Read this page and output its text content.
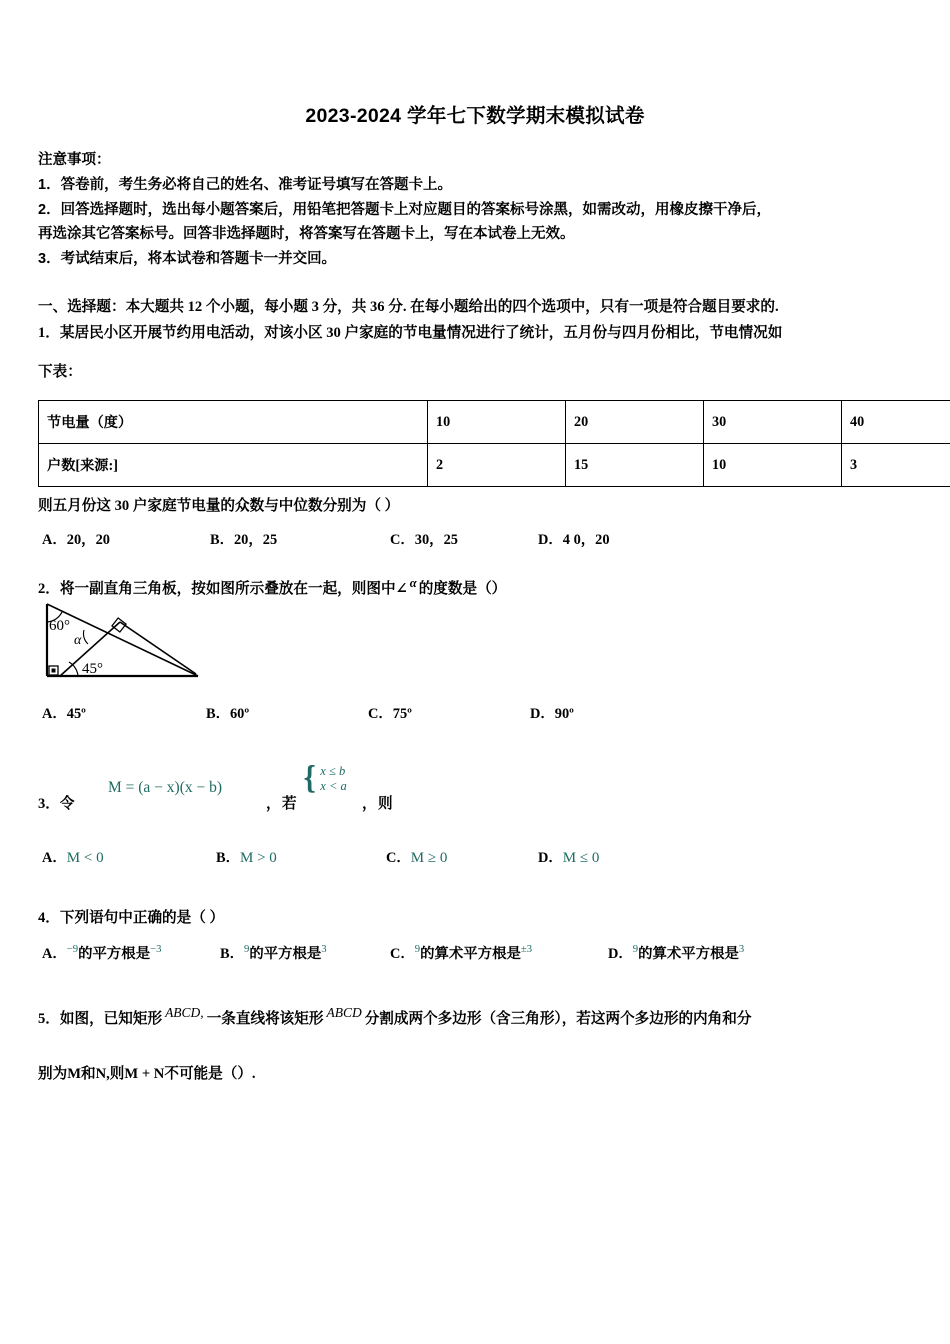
2023-2024 学年七下数学期末模拟试卷
注意事项：
1．答卷前，考生务必将自己的姓名、准考证号填写在答题卡上。
2．回答选择题时，选出每小题答案后，用铅笔把答题卡上对应题目的答案标号涂黑，如需改动，用橡皮擦干净后，
再选涂其它答案标号。回答非选择题时，将答案写在答题卡上，写在本试卷上无效。
3．考试结束后，将本试卷和答题卡一并交回。
一、选择题：本大题共 12 个小题，每小题 3 分，共 36 分. 在每小题给出的四个选项中，只有一项是符合题目要求的.
1．某居民小区开展节约用电活动，对该小区 30 户家庭的节电量情况进行了统计，五月份与四月份相比，节电情况如
下表：
节电量（度）	10	20	30	40
户数[来源:]	2	15	10	3
则五月份这 30 户家庭节电量的众数与中位数分别为（ ）
A．20，20	B．20，25	C．30，25	D．4 0，20
2．将一副直角三角板，按如图所示叠放在一起，则图中∠ α 的度数是（）
60°
α
45°
A．45º	B．60º	C．75º	D．90º
3．令
M = (a − x)(x − b)
， 若
{ x ≤ b
x < a
， 则
A．M < 0	B．M > 0	C．M ≥ 0	D．M ≤ 0
4．下列语句中正确的是（ ）
A．$^{-9}$的平方根是$^{-3}$	B．$^9$的平方根是$^3$	C．$^9$的算术平方根是$^{\pm 3}$	D．$^9$的算术平方根是$^3$
5．如图，已知矩形 ABCD, 一条直线将该矩形 ABCD 分割成两个多边形（含三角形），若这两个多边形的内角和分
别为M和N,则M + N不可能是（）.
